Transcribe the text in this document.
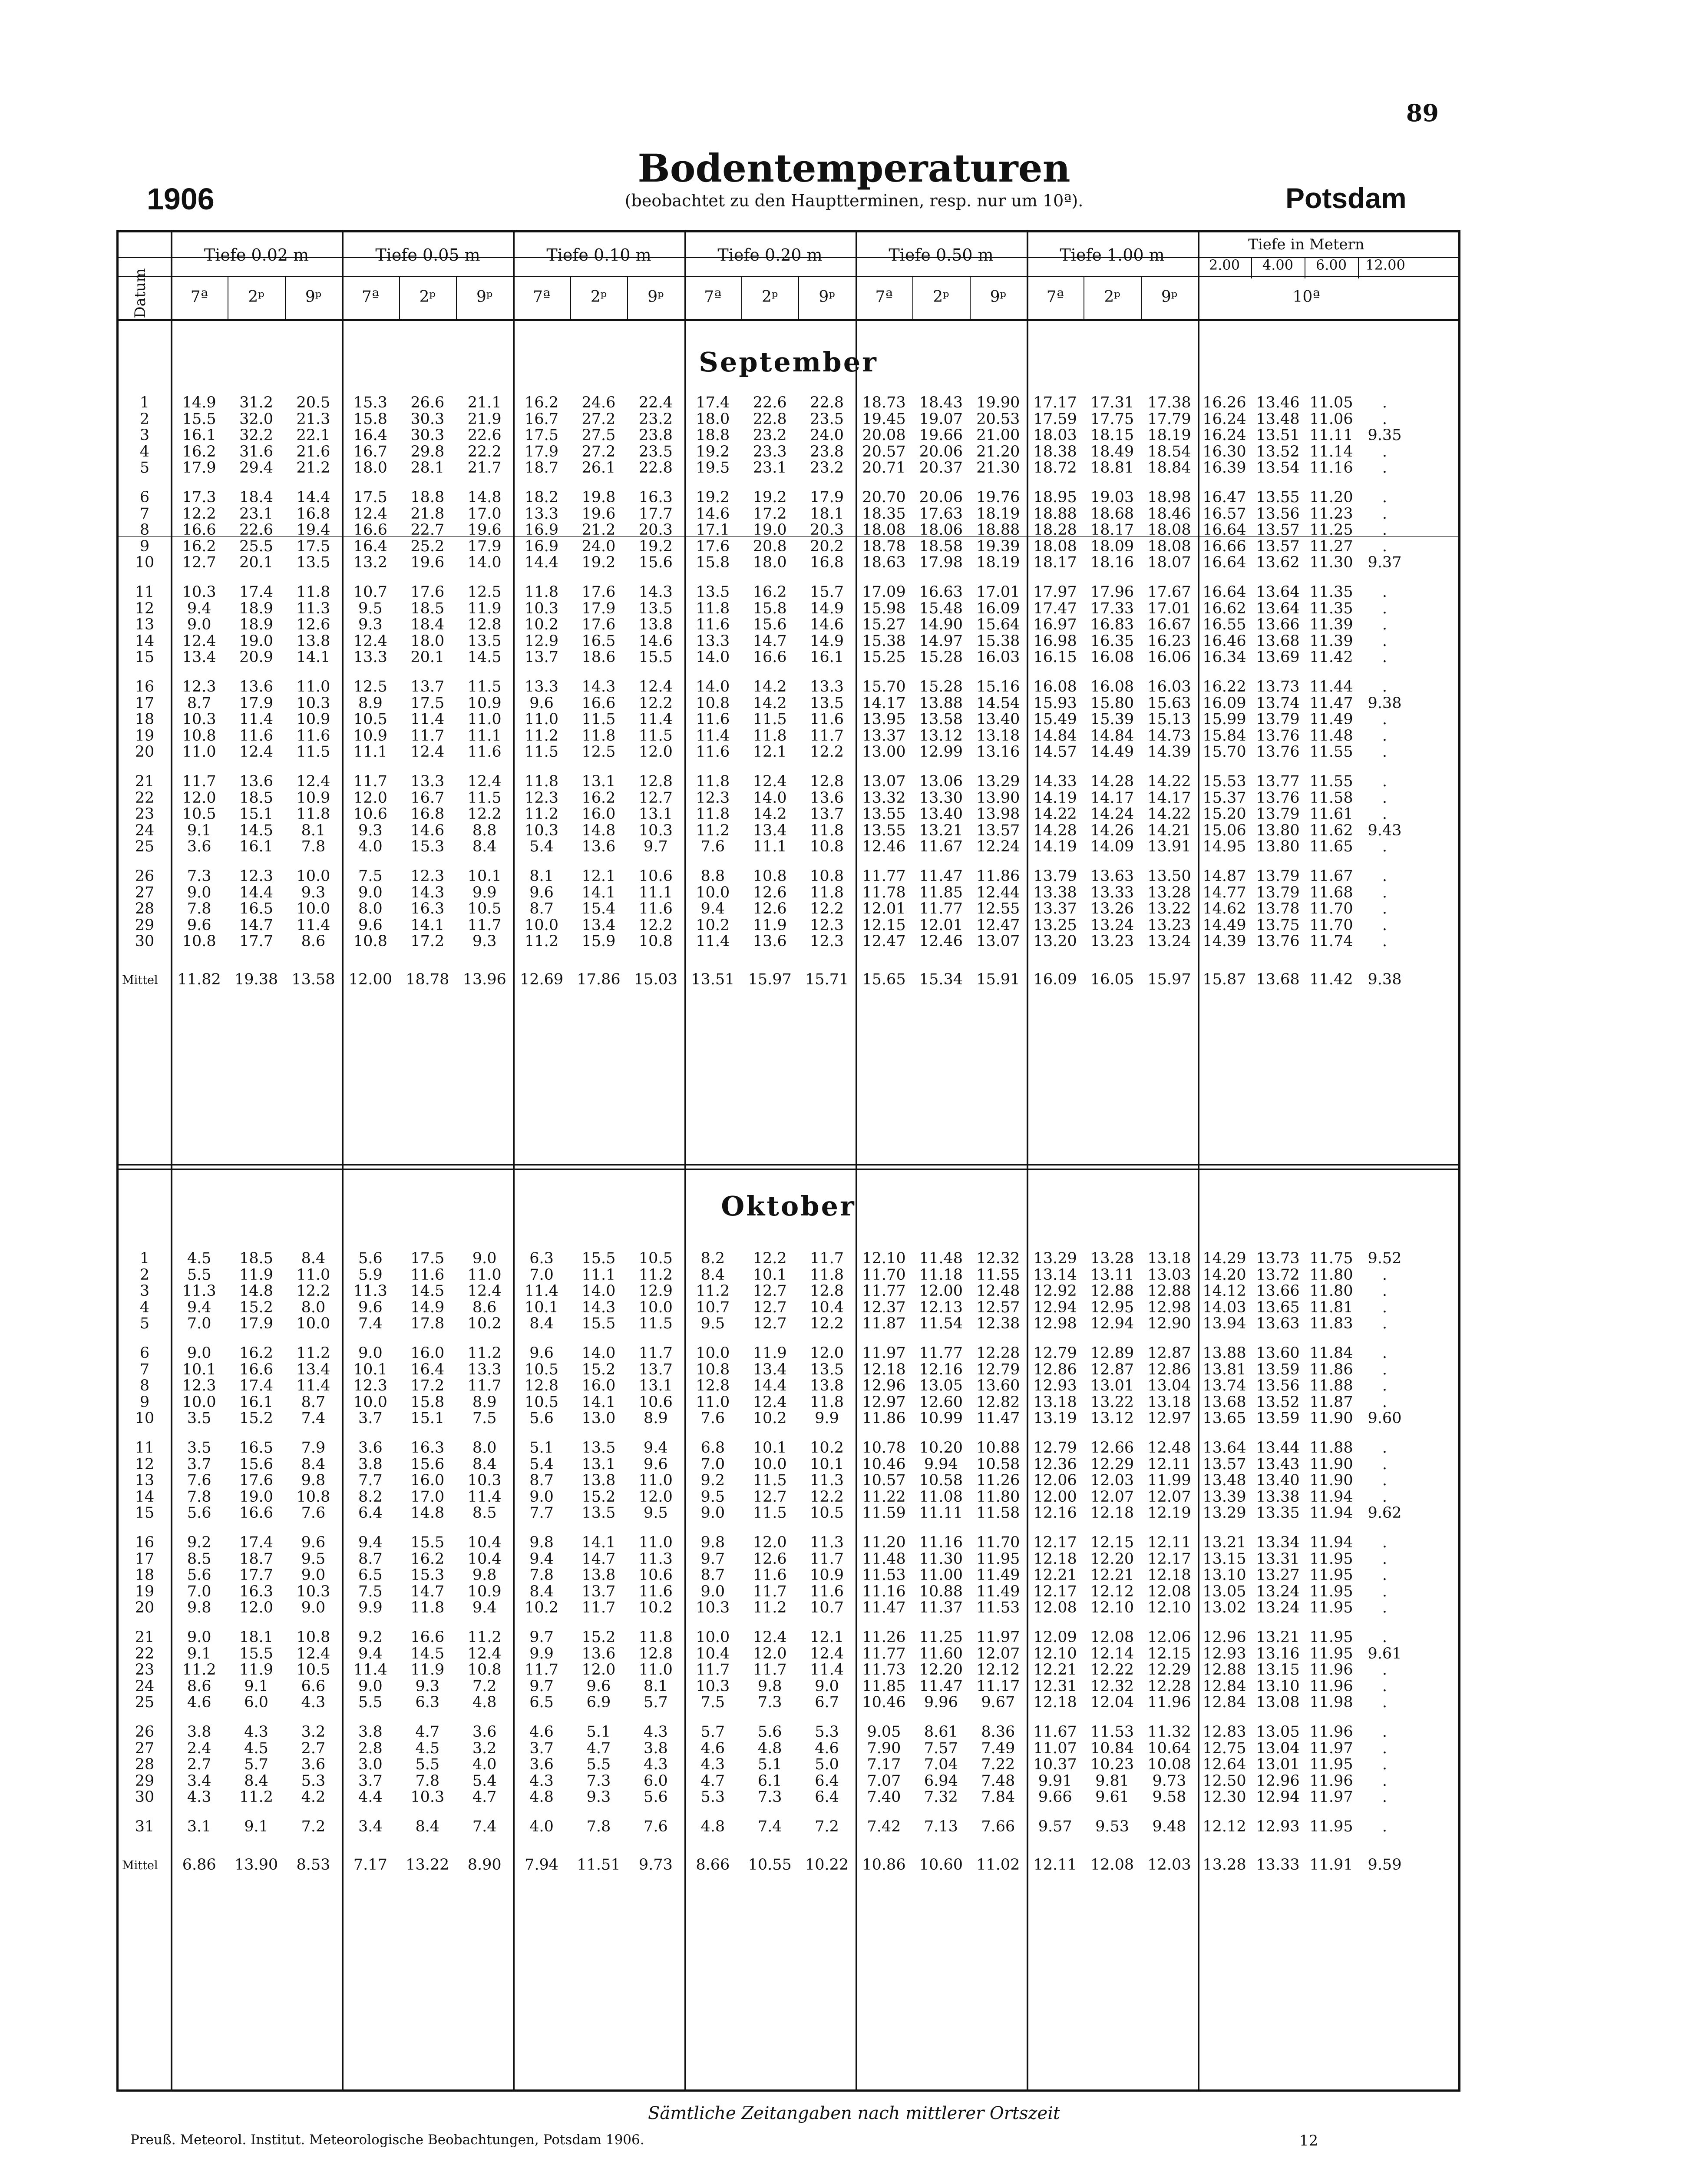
89
Bodentemperaturen
(beobachtet zu den Hauptterminen, resp. nur um 10ª).
1906	Potsdam
Datum
Tiefe 0.02 m	Tiefe 0.05 m	Tiefe 0.10 m	Tiefe 0.20 m	Tiefe 0.50 m	Tiefe 1.00 m
Tiefe in Metern
2.00	4.00	6.00	12.00
10ª
7ª	2ᵖ	9ᵖ	7ª	2ᵖ	9ᵖ	7ª	2ᵖ	9ᵖ	7ª	2ᵖ	9ᵖ	7ª	2ᵖ	9ᵖ	7ª	2ᵖ	9ᵖ
September
Oktober
1	14.9	31.2	20.5	15.3	26.6	21.1	16.2	24.6	22.4	17.4	22.6	22.8	18.73 18.43 19.90 17.17 17.31 17.38 16.26 13.46 11.05	.
2	15.5	32.0	21.3	15.8	30.3	21.9	16.7	27.2	23.2	18.0	22.8	23.5	19.45 19.07 20.53 17.59 17.75 17.79 16.24 13.48 11.06	.
3	16.1	32.2	22.1	16.4	30.3	22.6	17.5	27.5	23.8	18.8	23.2	24.0	20.08 19.66 21.00 18.03 18.15 18.19 16.24 13.51 11.11 9.35
4	16.2	31.6	21.6	16.7	29.8	22.2	17.9	27.2	23.5	19.2	23.3	23.8	20.57 20.06 21.20 18.38 18.49 18.54 16.30 13.52 11.14	.
5	17.9	29.4	21.2	18.0	28.1	21.7	18.7	26.1	22.8	19.5	23.1	23.2	20.71 20.37 21.30 18.72 18.81 18.84 16.39 13.54 11.16	.
6	17.3	18.4	14.4	17.5	18.8	14.8	18.2	19.8	16.3	19.2	19.2	17.9	20.70 20.06 19.76 18.95 19.03 18.98 16.47 13.55 11.20	.
7	12.2	23.1	16.8	12.4	21.8	17.0	13.3	19.6	17.7	14.6	17.2	18.1	18.35 17.63 18.19 18.88 18.68 18.46 16.57 13.56 11.23	.
8	16.6	22.6	19.4	16.6	22.7	19.6	16.9	21.2	20.3	17.1	19.0	20.3	18.08 18.06 18.88 18.28 18.17 18.08 16.64 13.57 11.25	.
9	16.2	25.5	17.5	16.4	25.2	17.9	16.9	24.0	19.2	17.6	20.8	20.2	18.78 18.58 19.39 18.08 18.09 18.08 16.66 13.57 11.27	.
10	12.7	20.1	13.5	13.2	19.6	14.0	14.4	19.2	15.6	15.8	18.0	16.8	18.63 17.98 18.19 18.17 18.16 18.07 16.64 13.62 11.30 9.37
11	10.3	17.4	11.8	10.7	17.6	12.5	11.8	17.6	14.3	13.5	16.2	15.7	17.09 16.63 17.01 17.97 17.96 17.67 16.64 13.64 11.35	.
12	9.4	18.9	11.3	9.5	18.5	11.9	10.3	17.9	13.5	11.8	15.8	14.9	15.98 15.48 16.09 17.47 17.33 17.01 16.62 13.64 11.35	.
13	9.0	18.9	12.6	9.3	18.4	12.8	10.2	17.6	13.8	11.6	15.6	14.6	15.27 14.90 15.64 16.97 16.83 16.67 16.55 13.66 11.39	.
14	12.4	19.0	13.8	12.4	18.0	13.5	12.9	16.5	14.6	13.3	14.7	14.9	15.38 14.97 15.38 16.98 16.35 16.23 16.46 13.68 11.39	.
15	13.4	20.9	14.1	13.3	20.1	14.5	13.7	18.6	15.5	14.0	16.6	16.1	15.25 15.28 16.03 16.15 16.08 16.06 16.34 13.69 11.42	.
16	12.3	13.6	11.0	12.5	13.7	11.5	13.3	14.3	12.4	14.0	14.2	13.3	15.70 15.28 15.16 16.08 16.08 16.03 16.22 13.73 11.44	.
17	8.7	17.9	10.3	8.9	17.5	10.9	9.6	16.6	12.2	10.8	14.2	13.5	14.17 13.88 14.54 15.93 15.80 15.63 16.09 13.74 11.47 9.38
18	10.3	11.4	10.9	10.5	11.4	11.0	11.0	11.5	11.4	11.6	11.5	11.6	13.95 13.58 13.40 15.49 15.39 15.13 15.99 13.79 11.49	.
19	10.8	11.6	11.6	10.9	11.7	11.1	11.2	11.8	11.5	11.4	11.8	11.7	13.37 13.12 13.18 14.84 14.84 14.73 15.84 13.76 11.48	.
20	11.0	12.4	11.5	11.1	12.4	11.6	11.5	12.5	12.0	11.6	12.1	12.2	13.00 12.99 13.16 14.57 14.49 14.39 15.70 13.76 11.55	.
21	11.7	13.6	12.4	11.7	13.3	12.4	11.8	13.1	12.8	11.8	12.4	12.8	13.07 13.06 13.29 14.33 14.28 14.22 15.53 13.77 11.55	.
22	12.0	18.5	10.9	12.0	16.7	11.5	12.3	16.2	12.7	12.3	14.0	13.6	13.32 13.30 13.90 14.19 14.17 14.17 15.37 13.76 11.58	.
23	10.5	15.1	11.8	10.6	16.8	12.2	11.2	16.0	13.1	11.8	14.2	13.7	13.55 13.40 13.98 14.22 14.24 14.22 15.20 13.79 11.61	.
24	9.1	14.5	8.1	9.3	14.6	8.8	10.3	14.8	10.3	11.2	13.4	11.8	13.55 13.21 13.57 14.28 14.26 14.21 15.06 13.80 11.62 9.43
25	3.6	16.1	7.8	4.0	15.3	8.4	5.4	13.6	9.7	7.6	11.1	10.8	12.46 11.67 12.24 14.19 14.09 13.91 14.95 13.80 11.65	.
26	7.3	12.3	10.0	7.5	12.3	10.1	8.1	12.1	10.6	8.8	10.8	10.8	11.77 11.47 11.86 13.79 13.63 13.50 14.87 13.79 11.67	.
27	9.0	14.4	9.3	9.0	14.3	9.9	9.6	14.1	11.1	10.0	12.6	11.8	11.78 11.85 12.44 13.38 13.33 13.28 14.77 13.79 11.68	.
28	7.8	16.5	10.0	8.0	16.3	10.5	8.7	15.4	11.6	9.4	12.6	12.2	12.01 11.77 12.55 13.37 13.26 13.22 14.62 13.78 11.70	.
29	9.6	14.7	11.4	9.6	14.1	11.7	10.0	13.4	12.2	10.2	11.9	12.3	12.15 12.01 12.47 13.25 13.24 13.23 14.49 13.75 11.70	.
30	10.8	17.7	8.6	10.8	17.2	9.3	11.2	15.9	10.8	11.4	13.6	12.3	12.47 12.46 13.07 13.20 13.23 13.24 14.39 13.76 11.74	.
Mittel	11.82 19.38 13.58 12.00 18.78 13.96 12.69 17.86 15.03 13.51 15.97 15.71 15.65 15.34 15.91 16.09 16.05 15.97 15.87 13.68 11.42 9.38
1	4.5	18.5	8.4	5.6	17.5	9.0	6.3	15.5	10.5	8.2	12.2	11.7	12.10 11.48 12.32 13.29 13.28 13.18 14.29 13.73 11.75 9.52
2	5.5	11.9	11.0	5.9	11.6	11.0	7.0	11.1	11.2	8.4	10.1	11.8	11.70 11.18 11.55 13.14 13.11 13.03 14.20 13.72 11.80	.
3	11.3	14.8	12.2	11.3	14.5	12.4	11.4	14.0	12.9	11.2	12.7	12.8	11.77 12.00 12.48 12.92 12.88 12.88 14.12 13.66 11.80	.
4	9.4	15.2	8.0	9.6	14.9	8.6	10.1	14.3	10.0	10.7	12.7	10.4	12.37 12.13 12.57 12.94 12.95 12.98 14.03 13.65 11.81	.
5	7.0	17.9	10.0	7.4	17.8	10.2	8.4	15.5	11.5	9.5	12.7	12.2	11.87 11.54 12.38 12.98 12.94 12.90 13.94 13.63 11.83	.
6	9.0	16.2	11.2	9.0	16.0	11.2	9.6	14.0	11.7	10.0	11.9	12.0	11.97 11.77 12.28 12.79 12.89 12.87 13.88 13.60 11.84	.
7	10.1	16.6	13.4	10.1	16.4	13.3	10.5	15.2	13.7	10.8	13.4	13.5	12.18 12.16 12.79 12.86 12.87 12.86 13.81 13.59 11.86	.
8	12.3	17.4	11.4	12.3	17.2	11.7	12.8	16.0	13.1	12.8	14.4	13.8	12.96 13.05 13.60 12.93 13.01 13.04 13.74 13.56 11.88	.
9	10.0	16.1	8.7	10.0	15.8	8.9	10.5	14.1	10.6	11.0	12.4	11.8	12.97 12.60 12.82 13.18 13.22 13.18 13.68 13.52 11.87	.
10	3.5	15.2	7.4	3.7	15.1	7.5	5.6	13.0	8.9	7.6	10.2	9.9	11.86 10.99 11.47 13.19 13.12 12.97 13.65 13.59 11.90 9.60
11	3.5	16.5	7.9	3.6	16.3	8.0	5.1	13.5	9.4	6.8	10.1	10.2	10.78 10.20 10.88 12.79 12.66 12.48 13.64 13.44 11.88	.
12	3.7	15.6	8.4	3.8	15.6	8.4	5.4	13.1	9.6	7.0	10.0	10.1	10.46	9.94	10.58 12.36 12.29 12.11 13.57 13.43 11.90	.
13	7.6	17.6	9.8	7.7	16.0	10.3	8.7	13.8	11.0	9.2	11.5	11.3	10.57 10.58 11.26 12.06 12.03 11.99 13.48 13.40 11.90	.
14	7.8	19.0	10.8	8.2	17.0	11.4	9.0	15.2	12.0	9.5	12.7	12.2	11.22 11.08 11.80 12.00 12.07 12.07 13.39 13.38 11.94	.
15	5.6	16.6	7.6	6.4	14.8	8.5	7.7	13.5	9.5	9.0	11.5	10.5	11.59 11.11 11.58 12.16 12.18 12.19 13.29 13.35 11.94 9.62
16	9.2	17.4	9.6	9.4	15.5	10.4	9.8	14.1	11.0	9.8	12.0	11.3	11.20 11.16 11.70 12.17 12.15 12.11 13.21 13.34 11.94	.
17	8.5	18.7	9.5	8.7	16.2	10.4	9.4	14.7	11.3	9.7	12.6	11.7	11.48 11.30 11.95 12.18 12.20 12.17 13.15 13.31 11.95	.
18	5.6	17.7	9.0	6.5	15.3	9.8	7.8	13.8	10.6	8.7	11.6	10.9	11.53 11.00 11.49 12.21 12.21 12.18 13.10 13.27 11.95	.
19	7.0	16.3	10.3	7.5	14.7	10.9	8.4	13.7	11.6	9.0	11.7	11.6	11.16 10.88 11.49 12.17 12.12 12.08 13.05 13.24 11.95	.
20	9.8	12.0	9.0	9.9	11.8	9.4	10.2	11.7	10.2	10.3	11.2	10.7	11.47 11.37 11.53 12.08 12.10 12.10 13.02 13.24 11.95	.
21	9.0	18.1	10.8	9.2	16.6	11.2	9.7	15.2	11.8	10.0	12.4	12.1	11.26 11.25 11.97 12.09 12.08 12.06 12.96 13.21 11.95	.
22	9.1	15.5	12.4	9.4	14.5	12.4	9.9	13.6	12.8	10.4	12.0	12.4	11.77 11.60 12.07 12.10 12.14 12.15 12.93 13.16 11.95 9.61
23	11.2	11.9	10.5	11.4	11.9	10.8	11.7	12.0	11.0	11.7	11.7	11.4	11.73 12.20 12.12 12.21 12.22 12.29 12.88 13.15 11.96	.
24	8.6	9.1	6.6	9.0	9.3	7.2	9.7	9.6	8.1	10.3	9.8	9.0	11.85 11.47 11.17 12.31 12.32 12.28 12.84 13.10 11.96	.
25	4.6	6.0	4.3	5.5	6.3	4.8	6.5	6.9	5.7	7.5	7.3	6.7	10.46	9.96	9.67	12.18 12.04 11.96 12.84 13.08 11.98	.
26	3.8	4.3	3.2	3.8	4.7	3.6	4.6	5.1	4.3	5.7	5.6	5.3	9.05	8.61	8.36	11.67 11.53 11.32 12.83 13.05 11.96	.
27	2.4	4.5	2.7	2.8	4.5	3.2	3.7	4.7	3.8	4.6	4.8	4.6	7.90	7.57	7.49	11.07 10.84 10.64 12.75 13.04 11.97	.
28	2.7	5.7	3.6	3.0	5.5	4.0	3.6	5.5	4.3	4.3	5.1	5.0	7.17	7.04	7.22	10.37 10.23 10.08 12.64 13.01 11.95	.
29	3.4	8.4	5.3	3.7	7.8	5.4	4.3	7.3	6.0	4.7	6.1	6.4	7.07	6.94	7.48	9.91	9.81	9.73	12.50 12.96 11.96	.
30	4.3	11.2	4.2	4.4	10.3	4.7	4.8	9.3	5.6	5.3	7.3	6.4	7.40	7.32	7.84	9.66	9.61	9.58	12.30 12.94 11.97	.
31	3.1	9.1	7.2	3.4	8.4	7.4	4.0	7.8	7.6	4.8	7.4	7.2	7.42	7.13	7.66	9.57	9.53	9.48	12.12 12.93 11.95	.
Mittel	6.86	13.90	8.53	7.17	13.22	8.90	7.94	11.51	9.73	8.66	10.55 10.22 10.86 10.60 11.02 12.11 12.08 12.03 13.28 13.33 11.91 9.59
Sämtliche Zeitangaben nach mittlerer Ortszeit
Preuß. Meteorol. Institut. Meteorologische Beobachtungen, Potsdam 1906.	12
